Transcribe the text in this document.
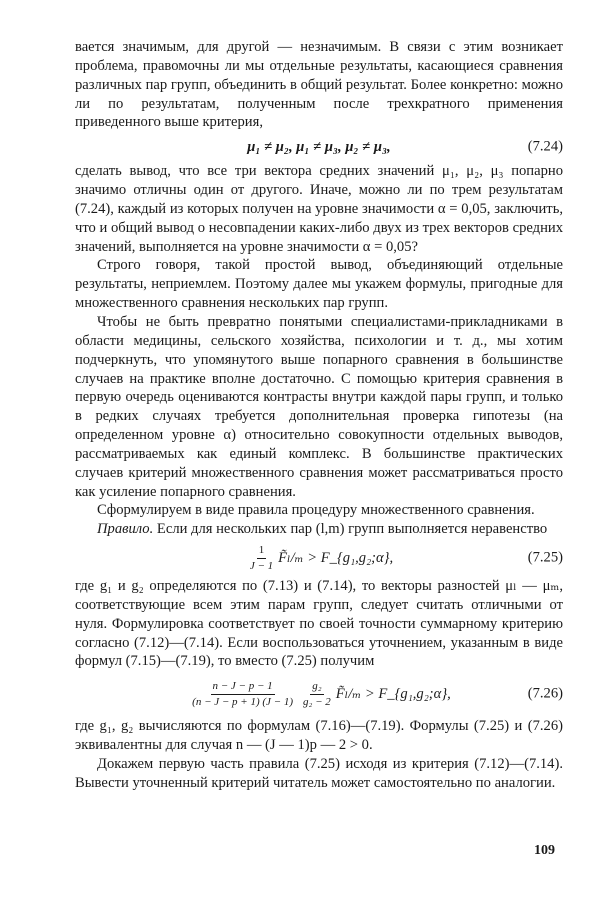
вается значимым, для другой — незначимым. В связи с этим возникает проблема, правомочны ли мы отдельные результаты, касающиеся сравнения различных пар групп, объединить в общий результат. Более конкретно: можно ли по результатам, полученным после трехкратного применения приведенного выше критерия,

μ₁ ≠ μ₂, μ₁ ≠ μ₃, μ₂ ≠ μ₃,	(7.24)

сделать вывод, что все три вектора средних значений μ₁, μ₂, μ₃ попарно значимо отличны один от другого. Иначе, можно ли по трем результатам (7.24), каждый из которых получен на уровне значимости α = 0,05, заключить, что и общий вывод о несовпадении каких-либо двух из трех векторов средних значений, выполняется на уровне значимости α = 0,05?

Строго говоря, такой простой вывод, объединяющий отдельные результаты, неприемлем. Поэтому далее мы укажем формулы, пригодные для множественного сравнения нескольких пар групп.

Чтобы не быть превратно понятыми специалистами-прикладниками в области медицины, сельского хозяйства, психологии и т. д., мы хотим подчеркнуть, что упомянутого выше попарного сравнения в большинстве случаев на практике вполне достаточно. С помощью критерия сравнения в первую очередь оцениваются контрасты внутри каждой пары групп, и только в редких случаях требуется дополнительная проверка гипотезы (на определенном уровне α) относительно совокупности отдельных выводов, рассматриваемых как единый комплекс. В большинстве практических случаев критерий множественного сравнения может рассматриваться просто как усиление попарного сравнения.

Сформулируем в виде правила процедуру множественного сравнения.

Правило. Если для нескольких пар (l,m) групп выполняется неравенство

$\frac{1}{J - 1}$ F̃ₗ/ₘ > F_{g₁,g₂;α},	(7.25)

где g₁ и g₂ определяются по (7.13) и (7.14), то векторы разностей μₗ — μₘ, соответствующие всем этим парам групп, следует считать отличными от нуля. Формулировка соответствует по своей точности суммарному критерию согласно (7.12)—(7.14). Если воспользоваться уточнением, указанным в виде формул (7.15)—(7.19), то вместо (7.25) получим

$\frac{n - J - p - 1}{(n - J - p + 1) (J - 1)} \frac{\text{g₂}}{\text{g₂ − 2}}$ F̃ₗ/ₘ > F_{g₁,g₂;α},	(7.26)

где g₁, g₂ вычисляются по формулам (7.16)—(7.19). Формулы (7.25) и (7.26) эквивалентны для случая n — (J — 1)p — 2 > 0.

Докажем первую часть правила (7.25) исходя из критерия (7.12)—(7.14). Вывести уточненный критерий читатель может самостоятельно по аналогии.

109
